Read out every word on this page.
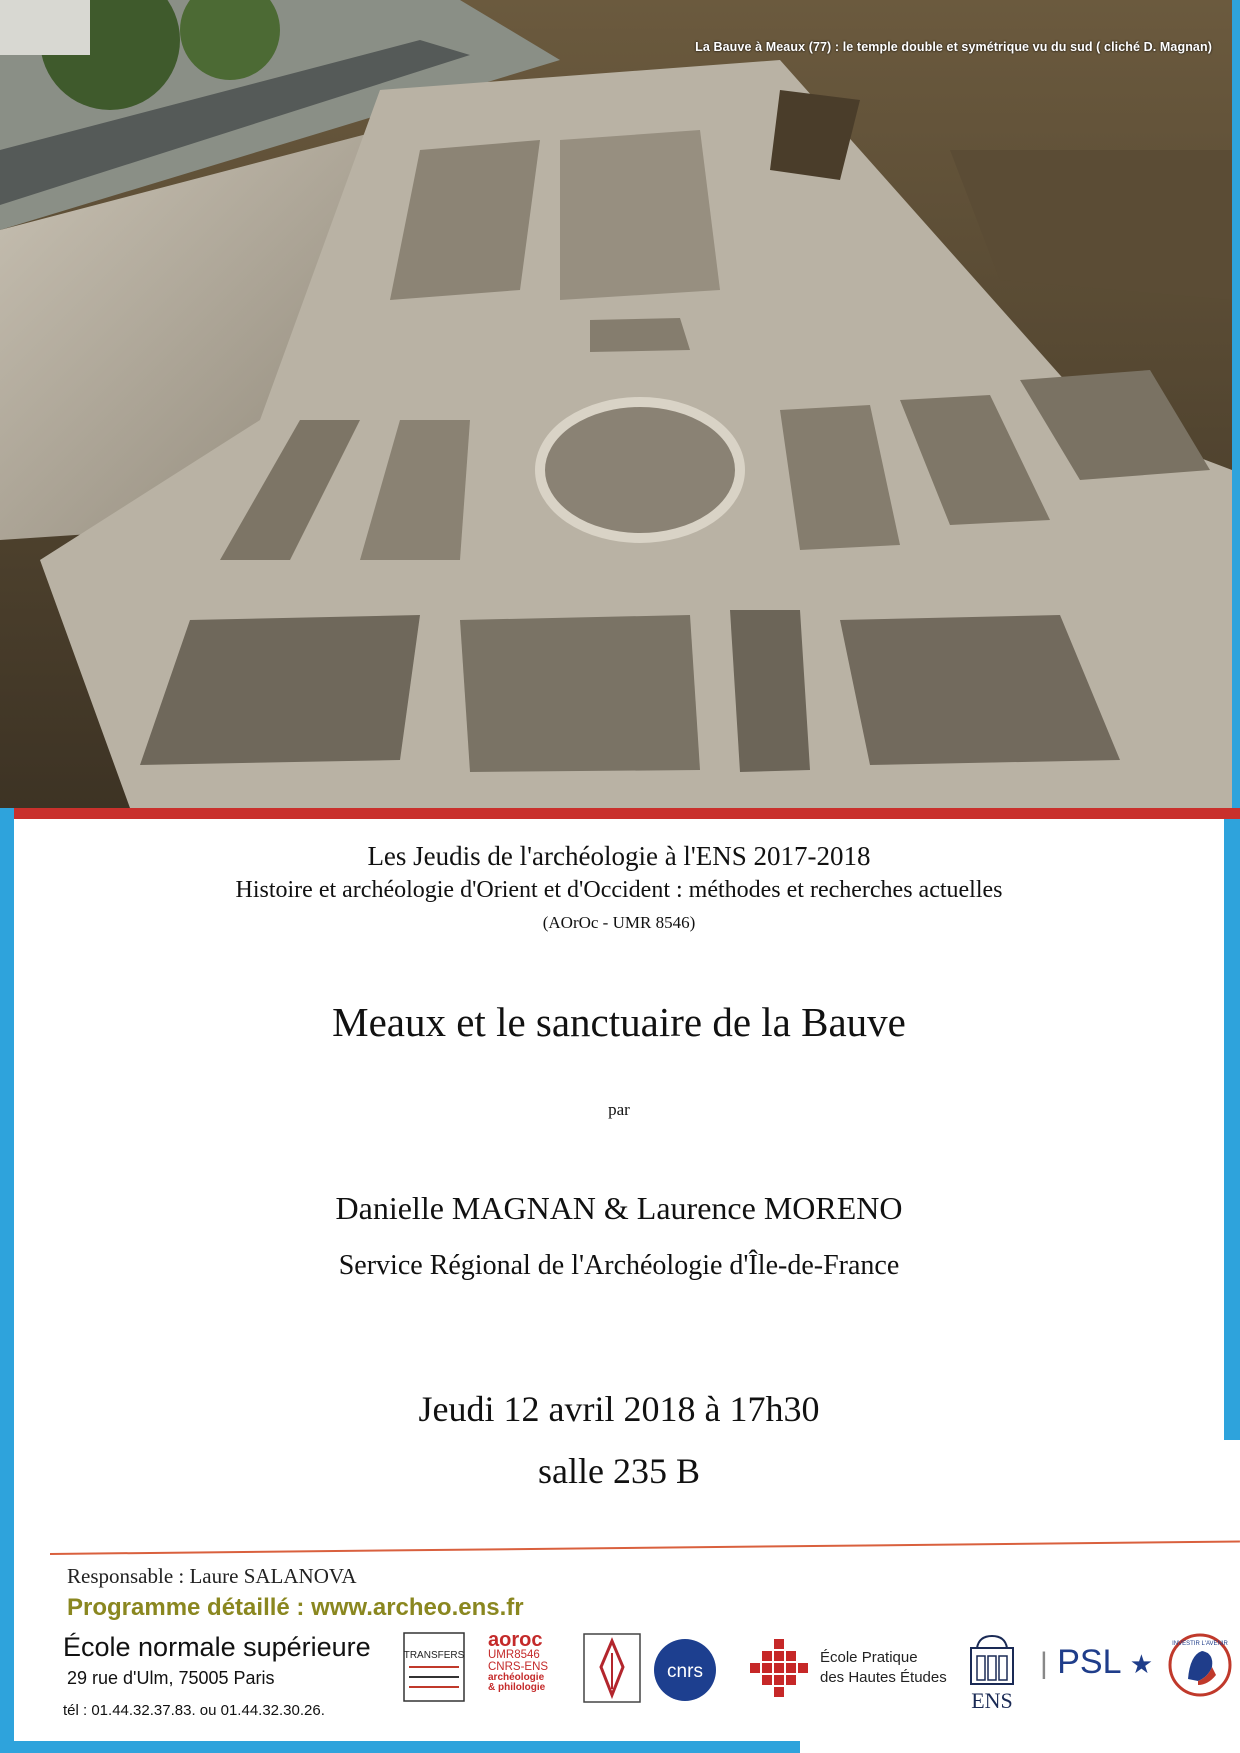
La Bauve à Meaux (77) : le temple double et symétrique vu du sud ( cliché D. Magnan)
Les Jeudis de l'archéologie à l'ENS 2017-2018
Histoire et archéologie d'Orient et d'Occident : méthodes et recherches actuelles
(AOrOc - UMR 8546)
Meaux et le sanctuaire de la Bauve
par
Danielle MAGNAN & Laurence MORENO
Service Régional de l'Archéologie d'Île-de-France
Jeudi 12 avril 2018 à 17h30
salle 235 B
Responsable : Laure SALANOVA
Programme détaillé : www.archeo.ens.fr
École normale supérieure
29 rue d'Ulm, 75005 Paris
tél : 01.44.32.37.83. ou 01.44.32.30.26.
TRANSFERS
aoroc
UMR8546
CNRS-ENS
archéologie
& philologie
cnrs
École Pratique
des Hautes Études
ENS
| PSL ★
INVESTIR L'AVENIR
